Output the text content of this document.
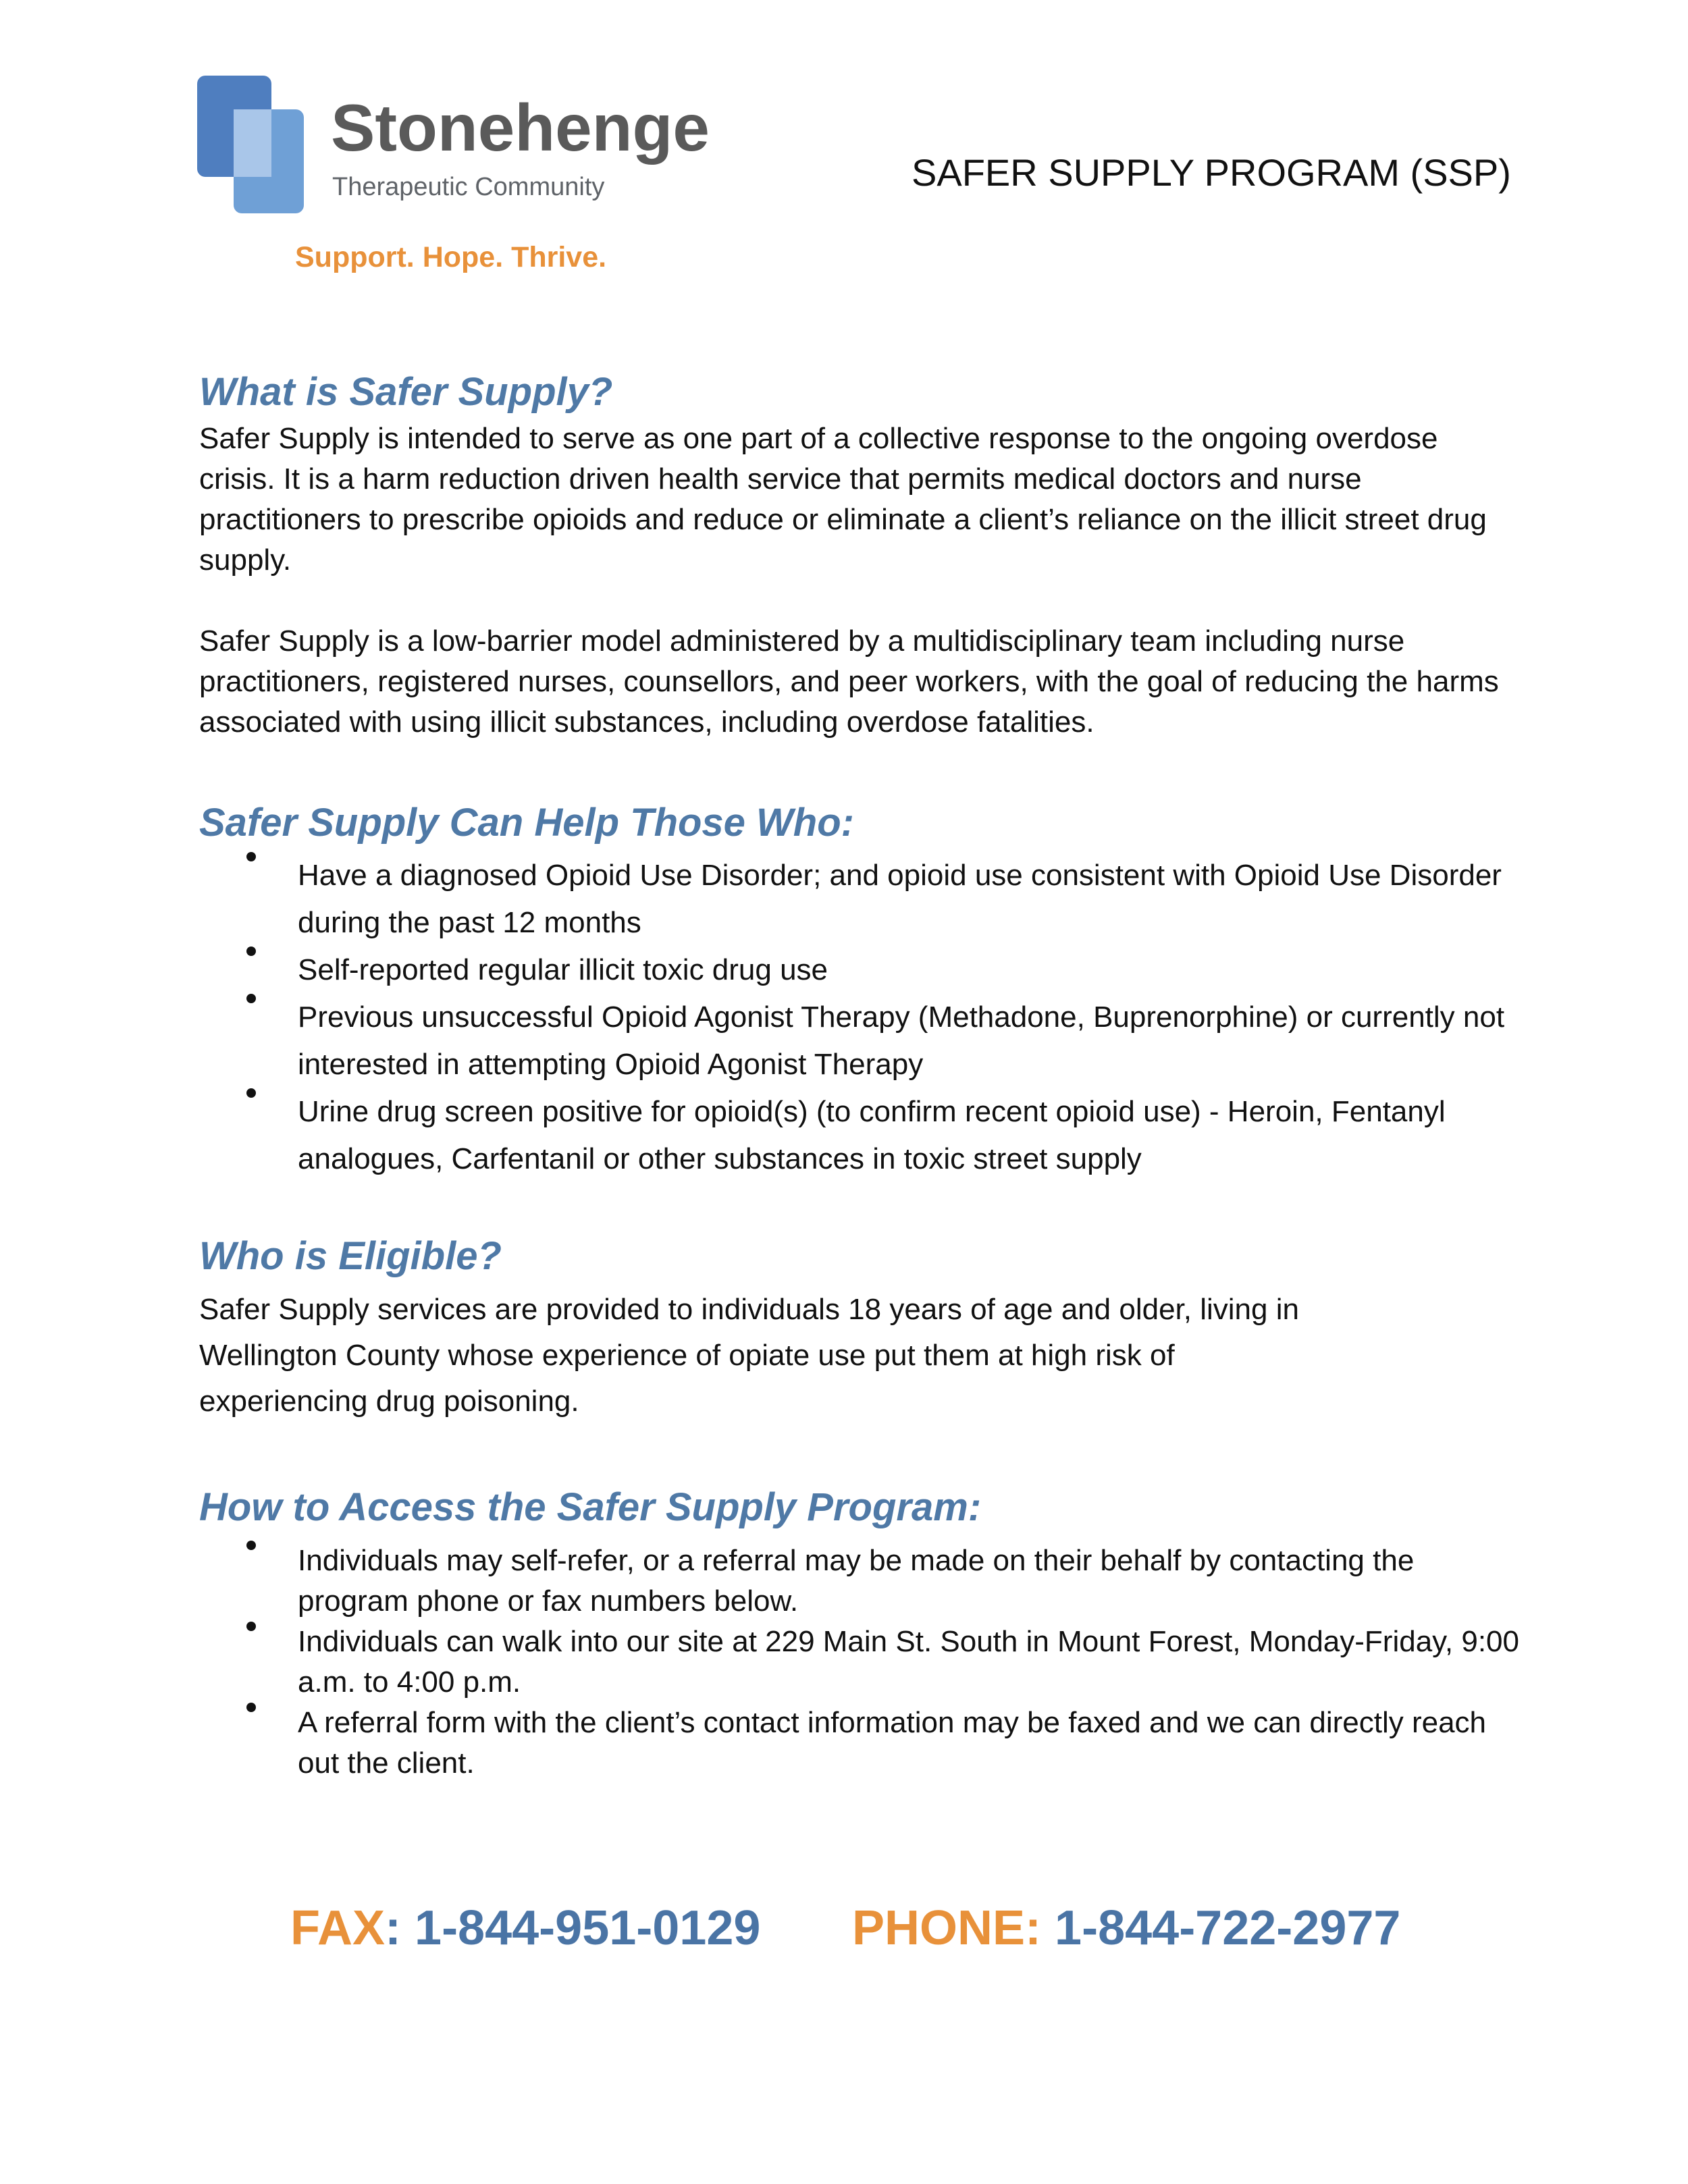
Stonehenge
Therapeutic Community
Support. Hope. Thrive.
SAFER SUPPLY PROGRAM (SSP)
What is Safer Supply?

Safer Supply is intended to serve as one part of a collective response to the ongoing overdose crisis. It is a harm reduction driven health service that permits medical doctors and nurse practitioners to prescribe opioids and reduce or eliminate a client’s reliance on the illicit street drug supply.

Safer Supply is a low-barrier model administered by a multidisciplinary team including nurse practitioners, registered nurses, counsellors, and peer workers, with the goal of reducing the harms associated with using illicit substances, including overdose fatalities.

Safer Supply Can Help Those Who:
Have a diagnosed Opioid Use Disorder; and opioid use consistent with Opioid Use Disorder during the past 12 months
Self-reported regular illicit toxic drug use
Previous unsuccessful Opioid Agonist Therapy (Methadone, Buprenorphine) or currently not interested in attempting Opioid Agonist Therapy
Urine drug screen positive for opioid(s) (to confirm recent opioid use) - Heroin, Fentanyl analogues, Carfentanil or other substances in toxic street supply
Who is Eligible?

Safer Supply services are provided to individuals 18 years of age and older, living in Wellington County whose experience of opiate use put them at high risk of experiencing drug poisoning.

How to Access the Safer Supply Program:
Individuals may self-refer, or a referral may be made on their behalf by contacting the program phone or fax numbers below.
Individuals can walk into our site at 229 Main St. South in Mount Forest, Monday-Friday, 9:00 a.m. to 4:00 p.m.
A referral form with the client’s contact information may be faxed and we can directly reach out the client.
FAX: 1-844-951-0129 PHONE: 1-844-722-2977
